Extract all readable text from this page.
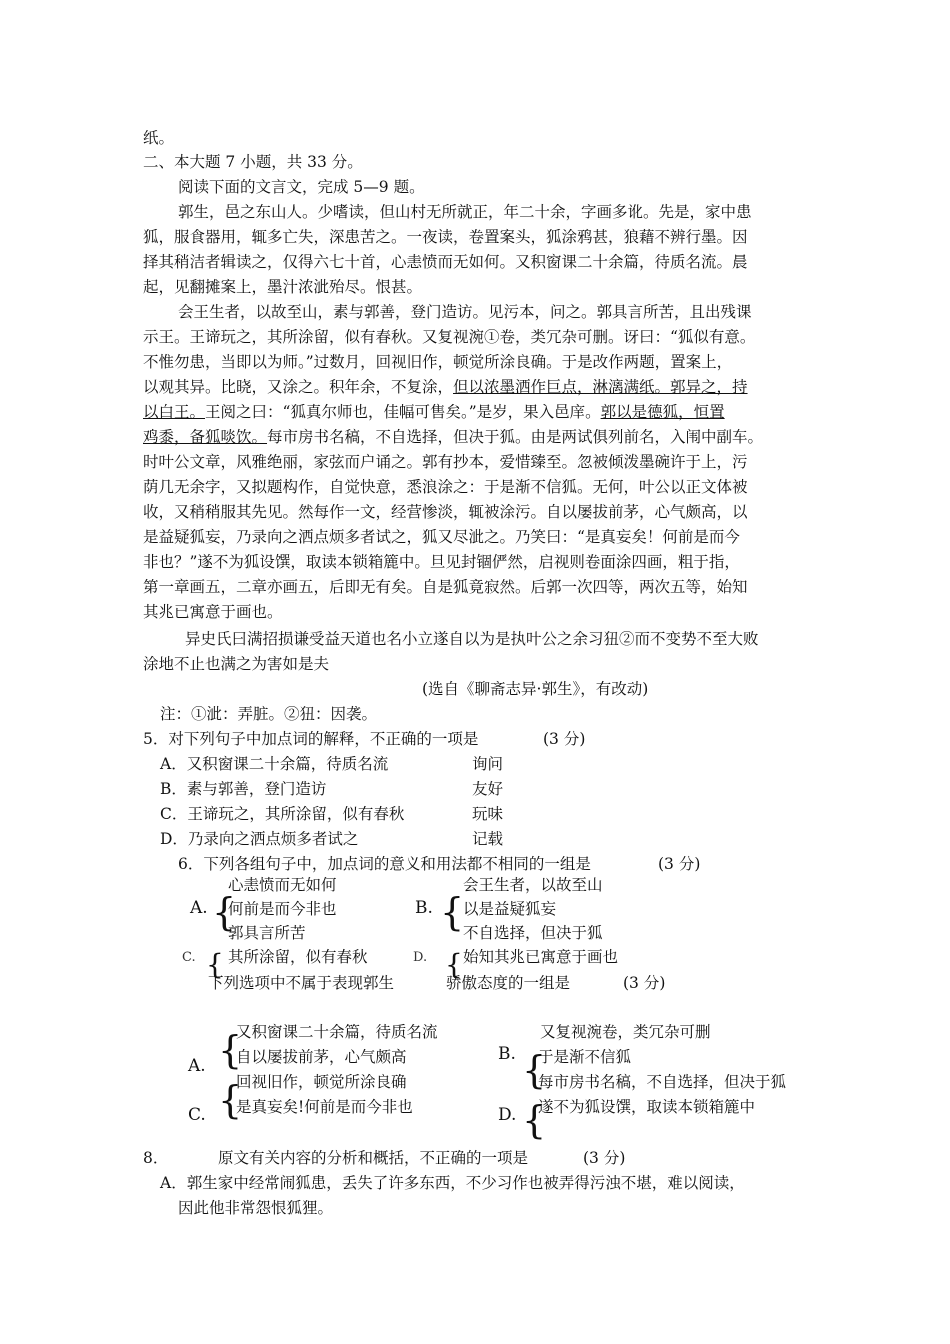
纸。
二、本大题 7 小题，共 33 分。
阅读下面的文言文，完成 5—9 题。
郭生，邑之东山人。少嗜读，但山村无所就正，年二十余，字画多讹。先是，家中患
狐，服食器用，辄多亡失，深患苦之。一夜读，卷置案头，狐涂鸦甚，狼藉不辨行墨。因
择其稍洁者辑读之，仅得六七十首，心恚愤而无如何。又积窗课二十余篇，待质名流。晨
起，见翻摊案上，墨汁浓泚殆尽。恨甚。
会王生者，以故至山，素与郭善，登门造访。见污本，问之。郭具言所苦，且出残课
示王。王谛玩之，其所涂留，似有春秋。又复视涴①卷，类冗杂可删。讶曰：“狐似有意。
不惟勿患，当即以为师。”过数月，回视旧作，顿觉所涂良确。于是改作两题，置案上，
以观其异。比晓，又涂之。积年余，不复涂，但以浓墨洒作巨点，淋漓满纸。郭异之，持
以白王。王阅之曰：“狐真尔师也，佳幅可售矣。”是岁，果入邑庠。郭以是德狐，恒置
鸡黍，备狐啖饮。每市房书名稿，不自选择，但决于狐。由是两试俱列前名，入闱中副车。
时叶公文章，风雅绝丽，家弦而户诵之。郭有抄本，爱惜臻至。忽被倾泼墨碗许于上，污
荫几无余字，又拟题构作，自觉快意，悉浪涂之：于是渐不信狐。无何，叶公以正文体被
收，又稍稍服其先见。然每作一文，经营惨淡，辄被涂污。自以屡拔前茅，心气颇高，以
是益疑狐妄，乃录向之洒点烦多者试之，狐又尽泚之。乃笑曰：“是真妄矣！何前是而今
非也？”遂不为狐设馔，取读本锁箱簏中。旦见封锢俨然，启视则卷面涂四画，粗于指，
第一章画五，二章亦画五，后即无有矣。自是狐竟寂然。后郭一次四等，两次五等，始知
其兆已寓意于画也。
异史氏曰满招损谦受益天道也名小立遂自以为是执叶公之余习狃②而不变势不至大败
涂地不止也满之为害如是夫
(选自《聊斋志异·郭生》，有改动)
注：①泚：弄脏。②狃：因袭。
5．对下列句子中加点词的解释，不正确的一项是	(3 分)
A．又积窗课二十余篇，待质名流	询问
B．素与郭善，登门造访	友好
C．王谛玩之，其所涂留，似有春秋	玩味
D．乃录向之洒点烦多者试之	记载
6．下列各组句子中，加点词的意义和用法都不相同的一组是	(3 分)
A. {
心恚愤而无如何
何前是而今非也
郭具言所苦
B. {
会王生者，以故至山
以是益疑狐妄
不自选择，但决于狐
C. { 其所涂留，似有春秋	D. { 始知其兆已寓意于画也
下列选项中不属于表现郭生	骄傲态度的一组是	(3 分)
A. {
又积窗课二十余篇，待质名流
自以屡拔前茅，心气颇高	B.
又复视涴卷，类冗杂可删
{
于是渐不信狐
每市房书名稿，不自选择，但决于狐
C. {
回视旧作，顿觉所涂良确
是真妄矣!何前是而今非也	D. {
遂不为狐设馔，取读本锁箱簏中
8．	原文有关内容的分析和概括，不正确的一项是	(3 分)
A．郭生家中经常闹狐患，丢失了许多东西，不少习作也被弄得污浊不堪，难以阅读，
因此他非常怨恨狐狸。
